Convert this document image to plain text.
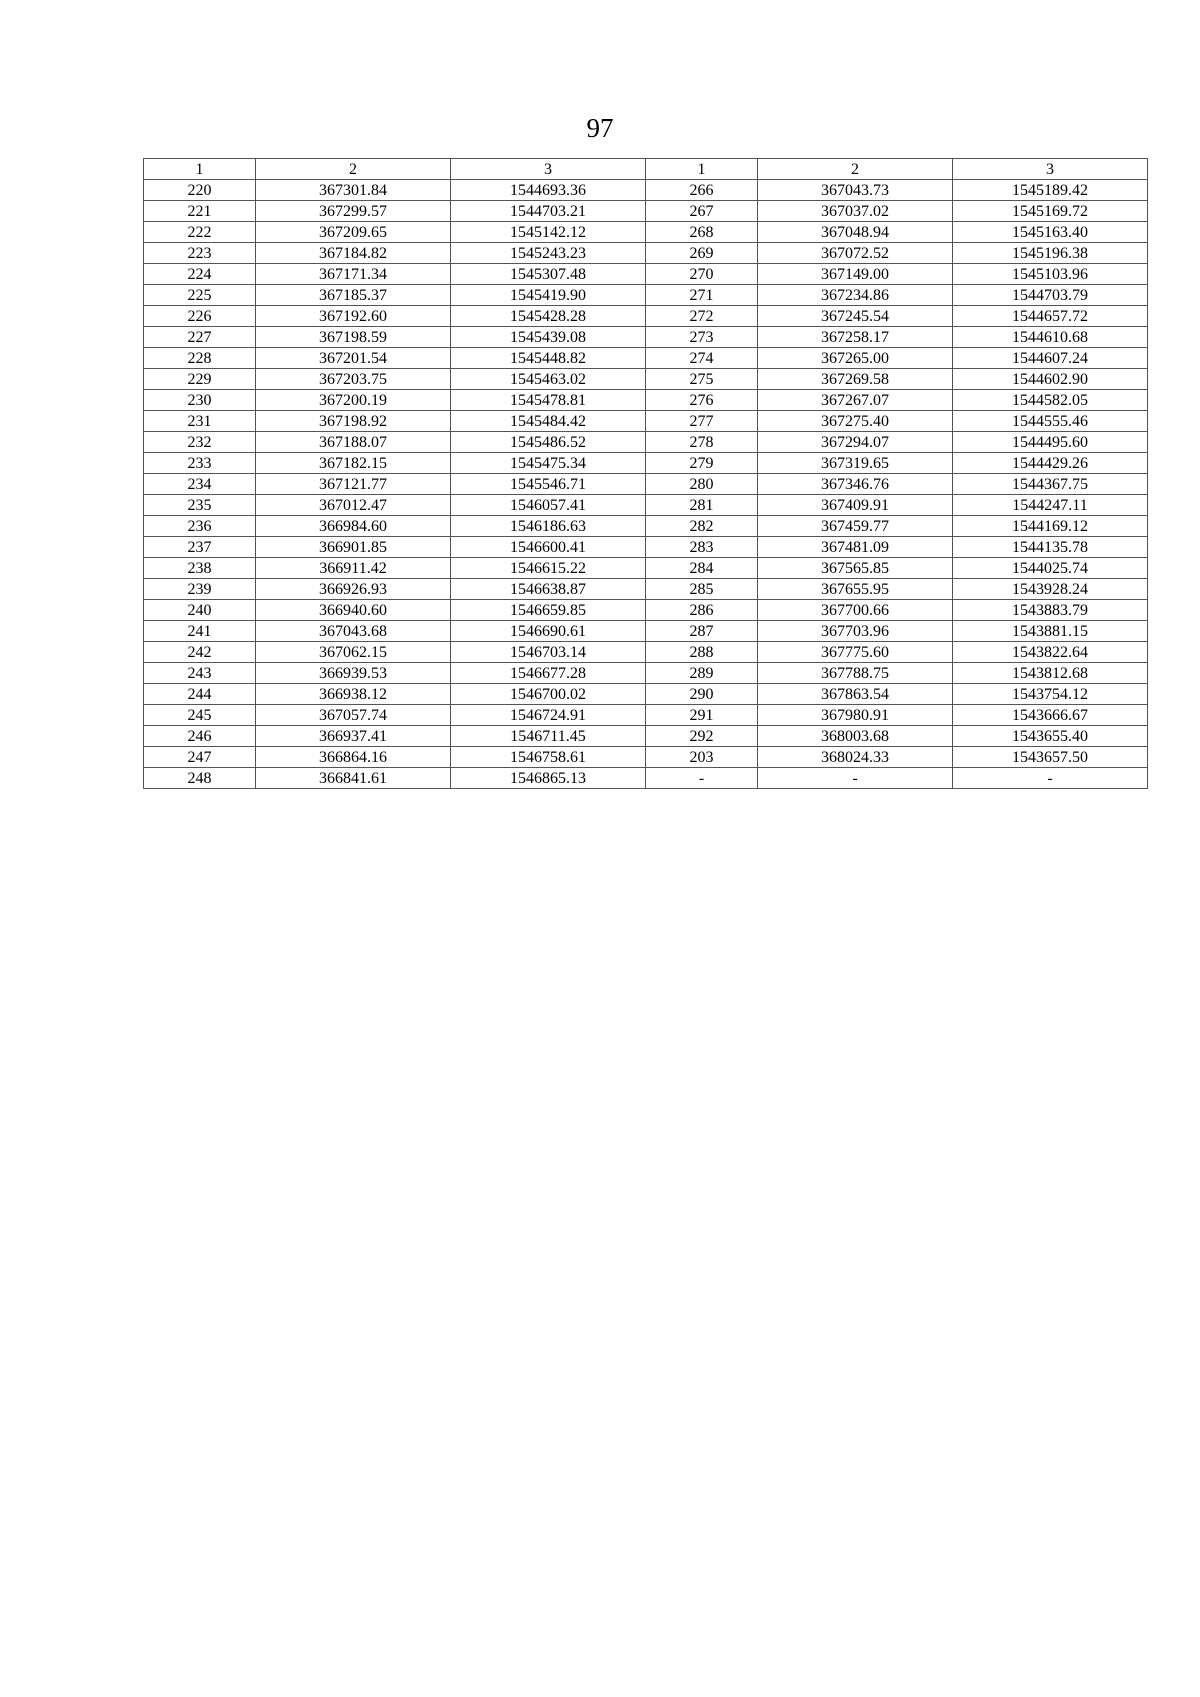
97
1	2	3	1	2	3
220	367301.84	1544693.36	266	367043.73	1545189.42
221	367299.57	1544703.21	267	367037.02	1545169.72
222	367209.65	1545142.12	268	367048.94	1545163.40
223	367184.82	1545243.23	269	367072.52	1545196.38
224	367171.34	1545307.48	270	367149.00	1545103.96
225	367185.37	1545419.90	271	367234.86	1544703.79
226	367192.60	1545428.28	272	367245.54	1544657.72
227	367198.59	1545439.08	273	367258.17	1544610.68
228	367201.54	1545448.82	274	367265.00	1544607.24
229	367203.75	1545463.02	275	367269.58	1544602.90
230	367200.19	1545478.81	276	367267.07	1544582.05
231	367198.92	1545484.42	277	367275.40	1544555.46
232	367188.07	1545486.52	278	367294.07	1544495.60
233	367182.15	1545475.34	279	367319.65	1544429.26
234	367121.77	1545546.71	280	367346.76	1544367.75
235	367012.47	1546057.41	281	367409.91	1544247.11
236	366984.60	1546186.63	282	367459.77	1544169.12
237	366901.85	1546600.41	283	367481.09	1544135.78
238	366911.42	1546615.22	284	367565.85	1544025.74
239	366926.93	1546638.87	285	367655.95	1543928.24
240	366940.60	1546659.85	286	367700.66	1543883.79
241	367043.68	1546690.61	287	367703.96	1543881.15
242	367062.15	1546703.14	288	367775.60	1543822.64
243	366939.53	1546677.28	289	367788.75	1543812.68
244	366938.12	1546700.02	290	367863.54	1543754.12
245	367057.74	1546724.91	291	367980.91	1543666.67
246	366937.41	1546711.45	292	368003.68	1543655.40
247	366864.16	1546758.61	203	368024.33	1543657.50
248	366841.61	1546865.13	-	-	-
